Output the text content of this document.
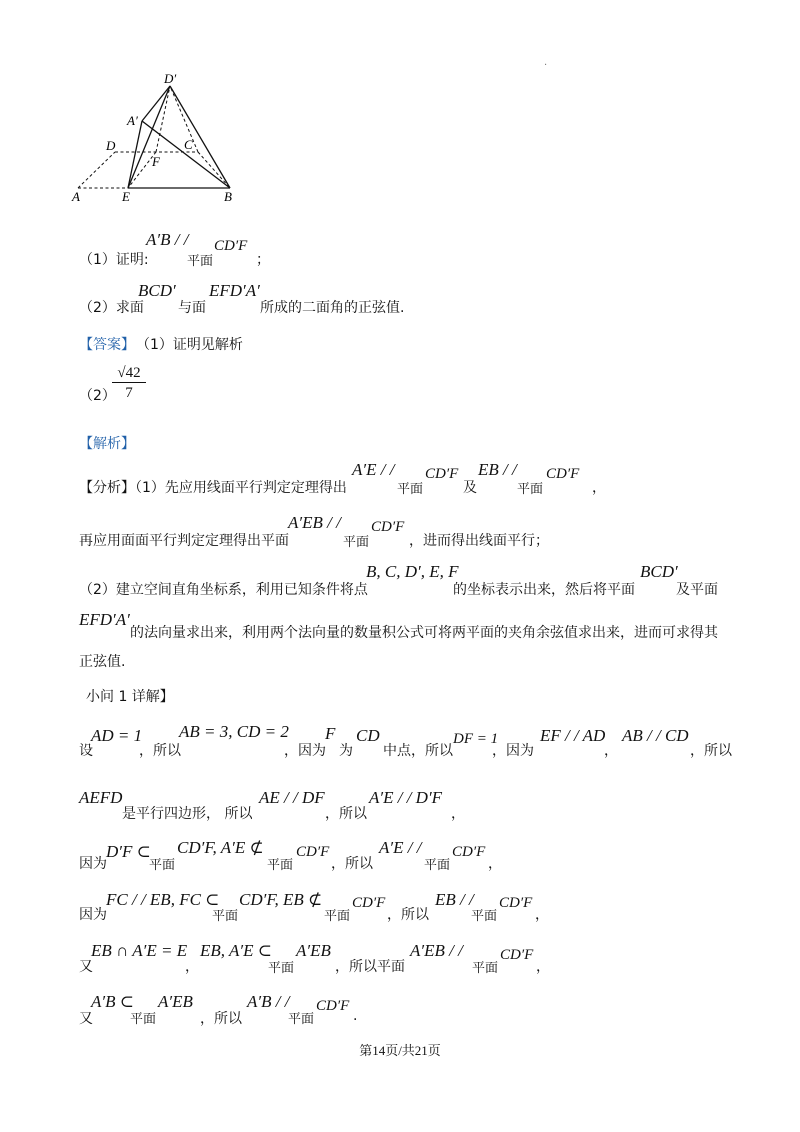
D′
A′
D	C
F
A	E	B
·
（1）证明:
A′B / /
平面
CD′F
；
（2）求面
BCD′
与面
EFD′A′
所成的二面角的正弦值.
【答案】 （1）证明见解析
（2）
$\frac{√42}{7}$
【解析】
【分析】（1）先应用线面平行判定定理得出
A′E / /
平面
CD′F
及
EB / /
平面
CD′F
，
再应用面面平行判定定理得出平面
A′EB / /
平面
CD′F
，进而得出线面平行；
（2）建立空间直角坐标系，利用已知条件将点
B, C, D′, E, F
的坐标表示出来，然后将平面
BCD′
及平面
EFD′A′
的法向量求出来，利用两个法向量的数量积公式可将两平面的夹角余弦值求出来，进而可求得其
正弦值.
小问 1 详解】
设
AD = 1
，所以
AB = 3, CD = 2
，因为
F
为
CD
中点，所以
DF = 1
，因为
EF / / AD
，
AB / / CD
，所以
AEFD
是平行四边形， 所以
AE / / DF
，所以
A′E / / D′F
，
因为
D′F ⊂
平面
CD′F, A′E ⊄
平面
CD′F
，所以
A′E / /
平面
CD′F
，
因为
FC / / EB, FC ⊂
平面
CD′F, EB ⊄
平面
CD′F
，所以
EB / /
平面
CD′F
，
又
EB ∩ A′E = E
，
EB, A′E ⊂
平面
A′EB
，所以平面
A′EB / /
平面
CD′F
，
又
A′B ⊂
平面
A′EB
，所以
A′B / /
平面
CD′F
.
第14页/共21页
